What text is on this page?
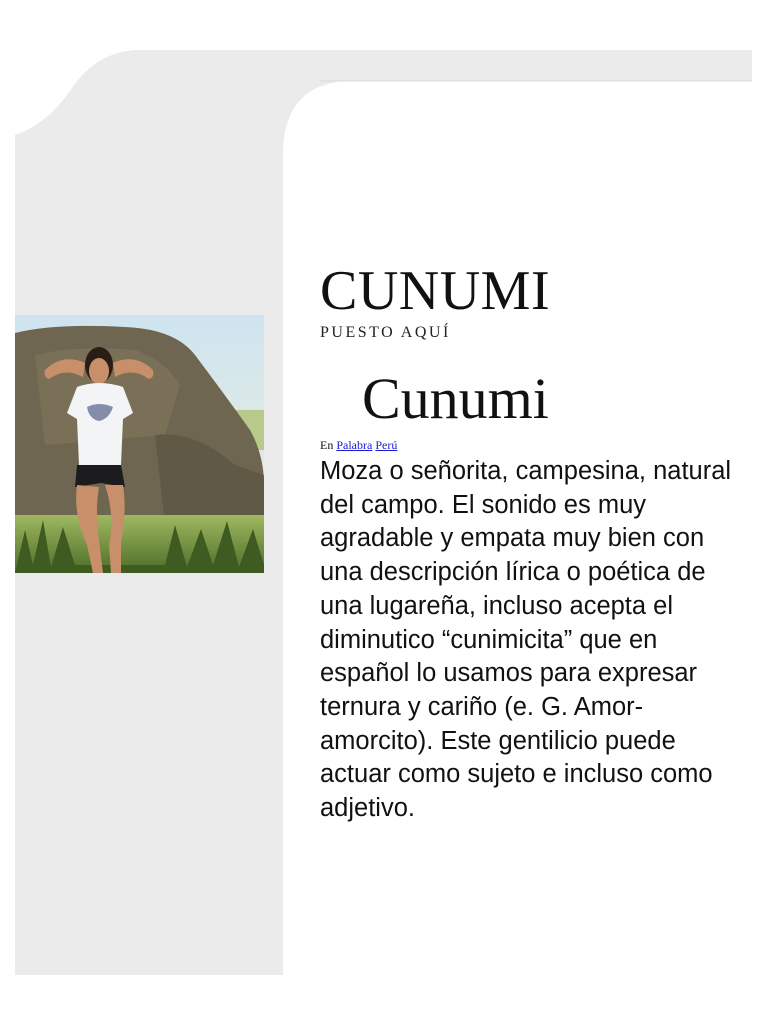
CUNUMI
PUESTO AQUÍ
Cunumi
En Palabra Perú

Moza o señorita, campesina, natural del campo. El sonido es muy agradable y empata muy bien con una descripción lírica o poética de una lugareña, incluso acepta el diminutico “cunimicita” que en español lo usamos para expresar ternura y cariño (e. G. Amor-amorcito). Este gentilicio puede actuar como sujeto e incluso como adjetivo.
